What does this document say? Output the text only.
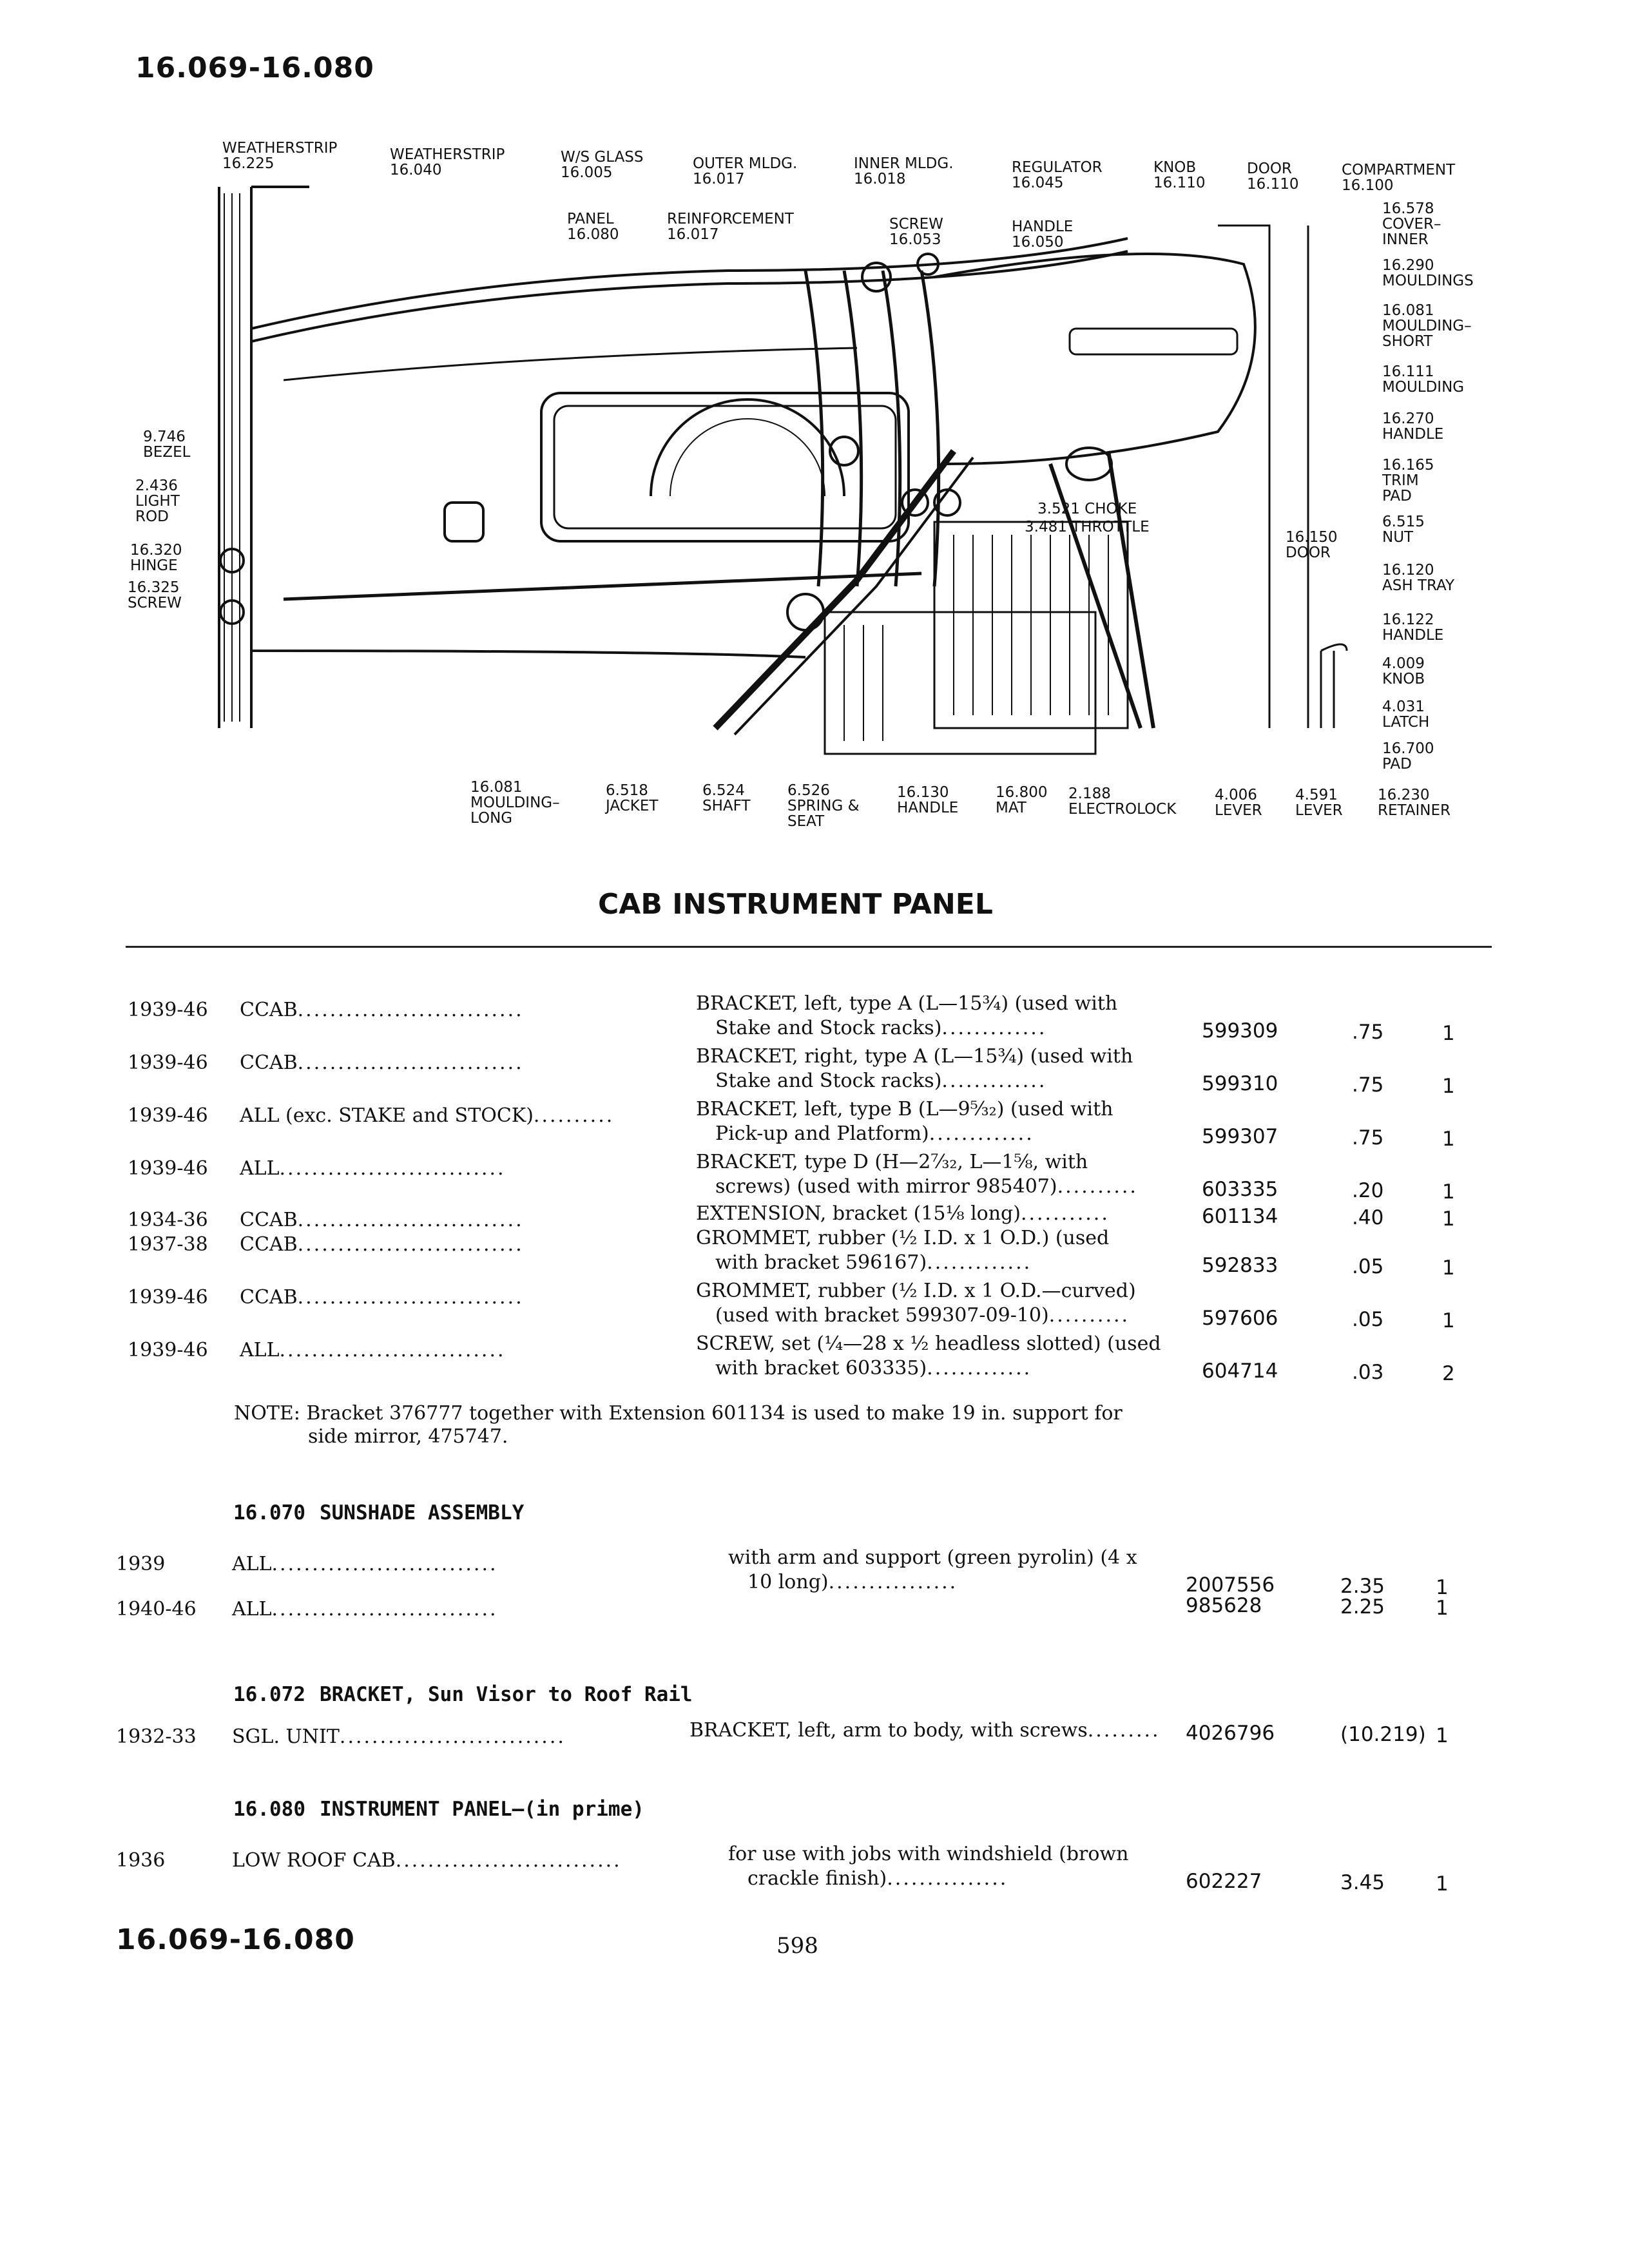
16.069-16.080
16.069-16.080	598
WEATHERSTRIP
16.225
WEATHERSTRIP
16.040
W/S GLASS
16.005
OUTER MLDG.
16.017
INNER MLDG.
16.018
REGULATOR
16.045
KNOB
16.110
DOOR
16.110
COMPARTMENT
16.100
PANEL
16.080
REINFORCEMENT
16.017
SCREW
16.053
HANDLE
16.050
16.578
COVER–
INNER
16.290
MOULDINGS
16.081
MOULDING–
SHORT
16.111
MOULDING
16.270
HANDLE
16.165
TRIM
PAD
6.515
NUT
16.150
DOOR
16.120
ASH TRAY
16.122
HANDLE
4.009
KNOB
4.031
LATCH
16.700
PAD
9.746
BEZEL
2.436
LIGHT
ROD
16.320
HINGE
16.325
SCREW
3.521 CHOKE
3.481 THROTTLE
16.081
MOULDING–
LONG
6.518
JACKET
6.524
SHAFT
6.526
SPRING &
SEAT
16.130
HANDLE
16.800
MAT
2.188
ELECTROLOCK
4.006
LEVER
4.591
LEVER
16.230
RETAINER
CAB INSTRUMENT PANEL
1939-46 CCAB............................	BRACKET, left, type A (L—15¾) (used with
Stake and Stock racks).............	599309	.75	1
1939-46 CCAB............................	BRACKET, right, type A (L—15¾) (used with
Stake and Stock racks).............	599310	.75	1
1939-46 ALL (exc. STAKE and STOCK)..........	BRACKET, left, type B (L—9⁵⁄₃₂) (used with
Pick-up and Platform).............	599307	.75	1
1939-46 ALL............................	BRACKET, type D (H—2⁷⁄₃₂, L—1⅝, with
screws) (used with mirror 985407)..........	603335	.20	1
1934-36 CCAB............................	EXTENSION, bracket (15⅛ long)...........	601134	.40	1
1937-38 CCAB............................	GROMMET, rubber (½ I.D. x 1 O.D.) (used
with bracket 596167).............	592833	.05	1
1939-46 CCAB............................	GROMMET, rubber (½ I.D. x 1 O.D.—curved)
(used with bracket 599307-09-10)..........	597606	.05	1
1939-46 ALL............................	SCREW, set (¼—28 x ½ headless slotted) (used
with bracket 603335).............	604714	.03	2
NOTE: Bracket 376777 together with Extension 601134 is used to make 19 in. support for
side mirror, 475747.
16.070 SUNSHADE ASSEMBLY
1939	ALL............................	with arm and support (green pyrolin) (4 x
10 long)................	2007556	2.35	1
1940-46 ALL............................	985628	2.25	1
16.072 BRACKET, Sun Visor to Roof Rail
1932-33 SGL. UNIT............................	BRACKET, left, arm to body, with screws......... 4026796	(10.219) 1
16.080 INSTRUMENT PANEL—(in prime)
1936	LOW ROOF CAB............................	for use with jobs with windshield (brown
crackle finish)...............	602227	3.45	1
